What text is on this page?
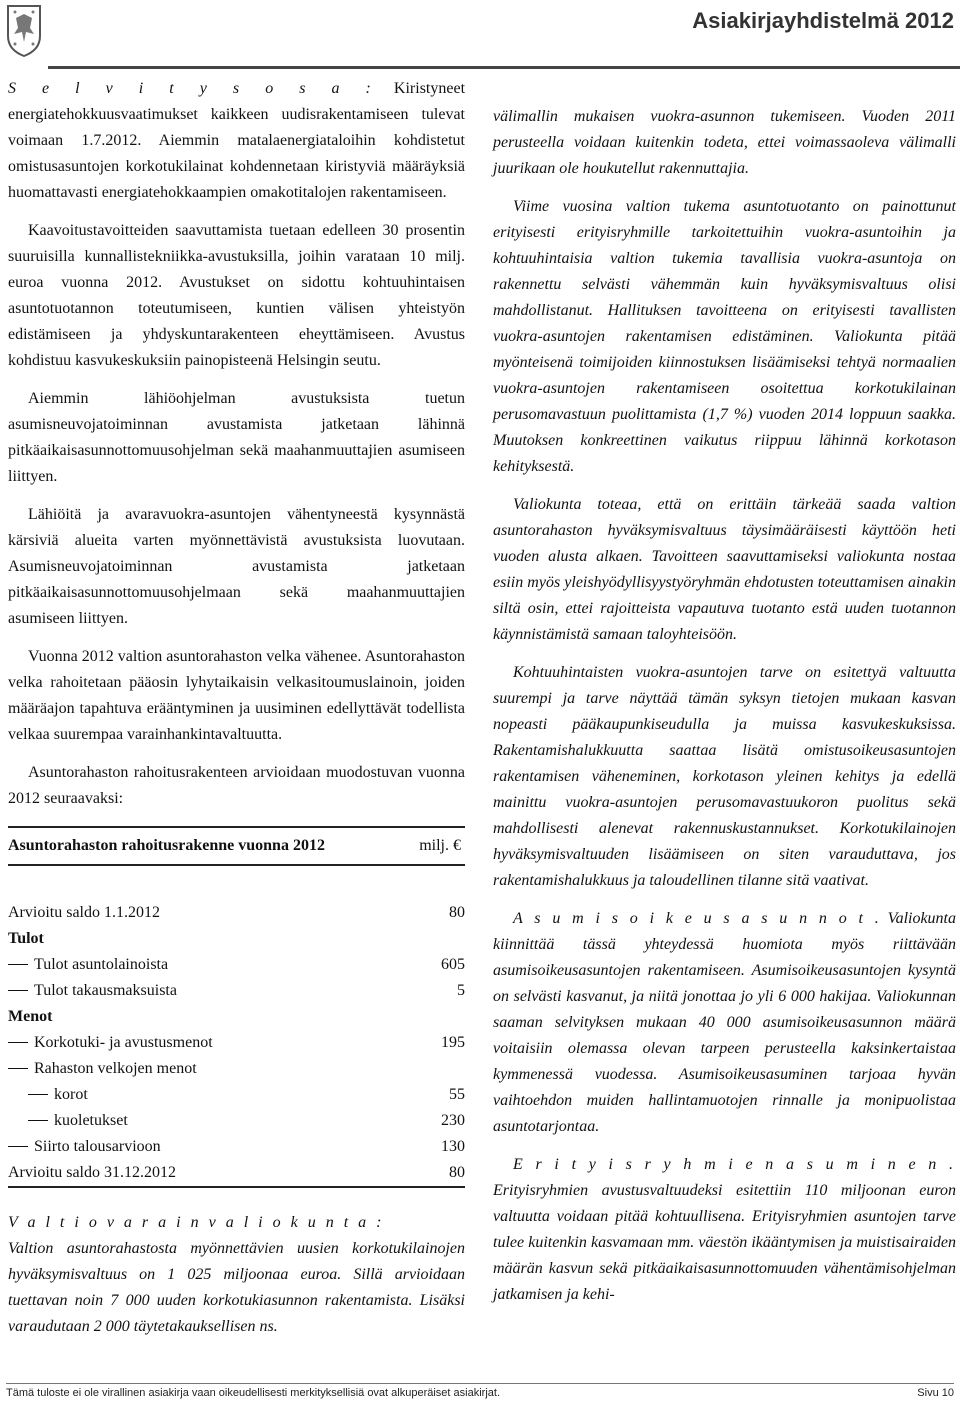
Asiakirjayhdistelmä 2012

S e l v i t y s o s a : Kiristyneet energiatehokkuusvaatimukset kaikkeen uudisrakentamiseen tulevat voimaan 1.7.2012. Aiemmin matalaenergiataloihin kohdistetut omistusasuntojen korkotukilainat kohdennetaan kiristyviä määräyksiä huomattavasti energiatehokkaampien omakotitalojen rakentamiseen.

Kaavoitustavoitteiden saavuttamista tuetaan edelleen 30 prosentin suuruisilla kunnallistekniikka-avustuksilla, joihin varataan 10 milj. euroa vuonna 2012. Avustukset on sidottu kohtuuhintaisen asuntotuotannon toteutumiseen, kuntien välisen yhteistyön edistämiseen ja yhdyskuntarakenteen eheyttämiseen. Avustus kohdistuu kasvukeskuksiin painopisteenä Helsingin seutu.

Aiemmin lähiöohjelman avustuksista tuetun asumisneuvojatoiminnan avustamista jatketaan lähinnä pitkäaikaisasunnottomuusohjelman sekä maahanmuuttajien asumiseen liittyen.

Lähiöitä ja avaravuokra-asuntojen vähentyneestä kysynnästä kärsiviä alueita varten myönnettävistä avustuksista luovutaan. Asumisneuvojatoiminnan avustamista jatketaan pitkäaikaisasunnottomuusohjelmaan sekä maahanmuuttajien asumiseen liittyen.

Vuonna 2012 valtion asuntorahaston velka vähenee. Asuntorahaston velka rahoitetaan pääosin lyhytaikaisin velkasitoumuslainoin, joiden määräajon tapahtuva erääntyminen ja uusiminen edellyttävät todellista velkaa suurempaa varainhankintavaltuutta.

Asuntorahaston rahoitusrakenteen arvioidaan muodostuvan vuonna 2012 seuraavaksi:

Asuntorahaston rahoitusrakenne vuonna 2012	milj. €
Arvioitu saldo 1.1.2012	80
Tulot
Tulot asuntolainoista	605
Tulot takausmaksuista	5
Menot
Korkotuki- ja avustusmenot	195
Rahaston velkojen menot
korot	55
kuoletukset	230
Siirto talousarvioon	130
Arvioitu saldo 31.12.2012	80

V a l t i o v a r a i n v a l i o k u n t a :
Valtion asuntorahastosta myönnettävien uusien korkotukilainojen hyväksymisvaltuus on 1 025 miljoonaa euroa. Sillä arvioidaan tuettavan noin 7 000 uuden korkotukiasunnon rakentamista. Lisäksi varaudutaan 2 000 täytetakauksellisen ns.

välimallin mukaisen vuokra-asunnon tukemiseen. Vuoden 2011 perusteella voidaan kuitenkin todeta, ettei voimassaoleva välimalli juurikaan ole houkutellut rakennuttajia.

Viime vuosina valtion tukema asuntotuotanto on painottunut erityisesti erityisryhmille tarkoitettuihin vuokra-asuntoihin ja kohtuuhintaisia valtion tukemia tavallisia vuokra-asuntoja on rakennettu selvästi vähemmän kuin hyväksymisvaltuus olisi mahdollistanut. Hallituksen tavoitteena on erityisesti tavallisten vuokra-asuntojen rakentamisen edistäminen. Valiokunta pitää myönteisenä toimijoiden kiinnostuksen lisäämiseksi tehtyä normaalien vuokra-asuntojen rakentamiseen osoitettua korkotukilainan perusomavastuun puolittamista (1,7 %) vuoden 2014 loppuun saakka. Muutoksen konkreettinen vaikutus riippuu lähinnä korkotason kehityksestä.

Valiokunta toteaa, että on erittäin tärkeää saada valtion asuntorahaston hyväksymisvaltuus täysimääräisesti käyttöön heti vuoden alusta alkaen. Tavoitteen saavuttamiseksi valiokunta nostaa esiin myös yleishyödyllisyystyöryhmän ehdotusten toteuttamisen ainakin siltä osin, ettei rajoitteista vapautuva tuotanto estä uuden tuotannon käynnistämistä samaan taloyhteisöön.

Kohtuuhintaisten vuokra-asuntojen tarve on esitettyä valtuutta suurempi ja tarve näyttää tämän syksyn tietojen mukaan kasvan nopeasti pääkaupunkiseudulla ja muissa kasvukeskuksissa. Rakentamishalukkuutta saattaa lisätä omistusoikeusasuntojen rakentamisen väheneminen, korkotason yleinen kehitys ja edellä mainittu vuokra-asuntojen perusomavastuukoron puolitus sekä mahdollisesti alenevat rakennuskustannukset. Korkotukilainojen hyväksymisvaltuuden lisäämiseen on siten varauduttava, jos rakentamishalukkuus ja taloudellinen tilanne sitä vaativat.

A s u m i s o i k e u s a s u n n o t . Valiokunta kiinnittää tässä yhteydessä huomiota myös riittävään asumisoikeusasuntojen rakentamiseen. Asumisoikeusasuntojen kysyntä on selvästi kasvanut, ja niitä jonottaa jo yli 6 000 hakijaa. Valiokunnan saaman selvityksen mukaan 40 000 asumisoikeusasunnon määrä voitaisiin olemassa olevan tarpeen perusteella kaksinkertaistaa kymmenessä vuodessa. Asumisoikeusasuminen tarjoaa hyvän vaihtoehdon muiden hallintamuotojen rinnalle ja monipuolistaa asuntotarjontaa.

E r i t y i s r y h m i e n a s u m i n e n . Erityisryhmien avustusvaltuudeksi esitettiin 110 miljoonan euron valtuutta voidaan pitää kohtuullisena. Erityisryhmien asuntojen tarve tulee kuitenkin kasvamaan mm. väestön ikääntymisen ja muistisairaiden määrän kasvun sekä pitkäaikaisasunnottomuuden vähentämisohjelman jatkamisen ja kehi-

Tämä tuloste ei ole virallinen asiakirja vaan oikeudellisesti merkityksellisiä ovat alkuperäiset asiakirjat.	Sivu 10
